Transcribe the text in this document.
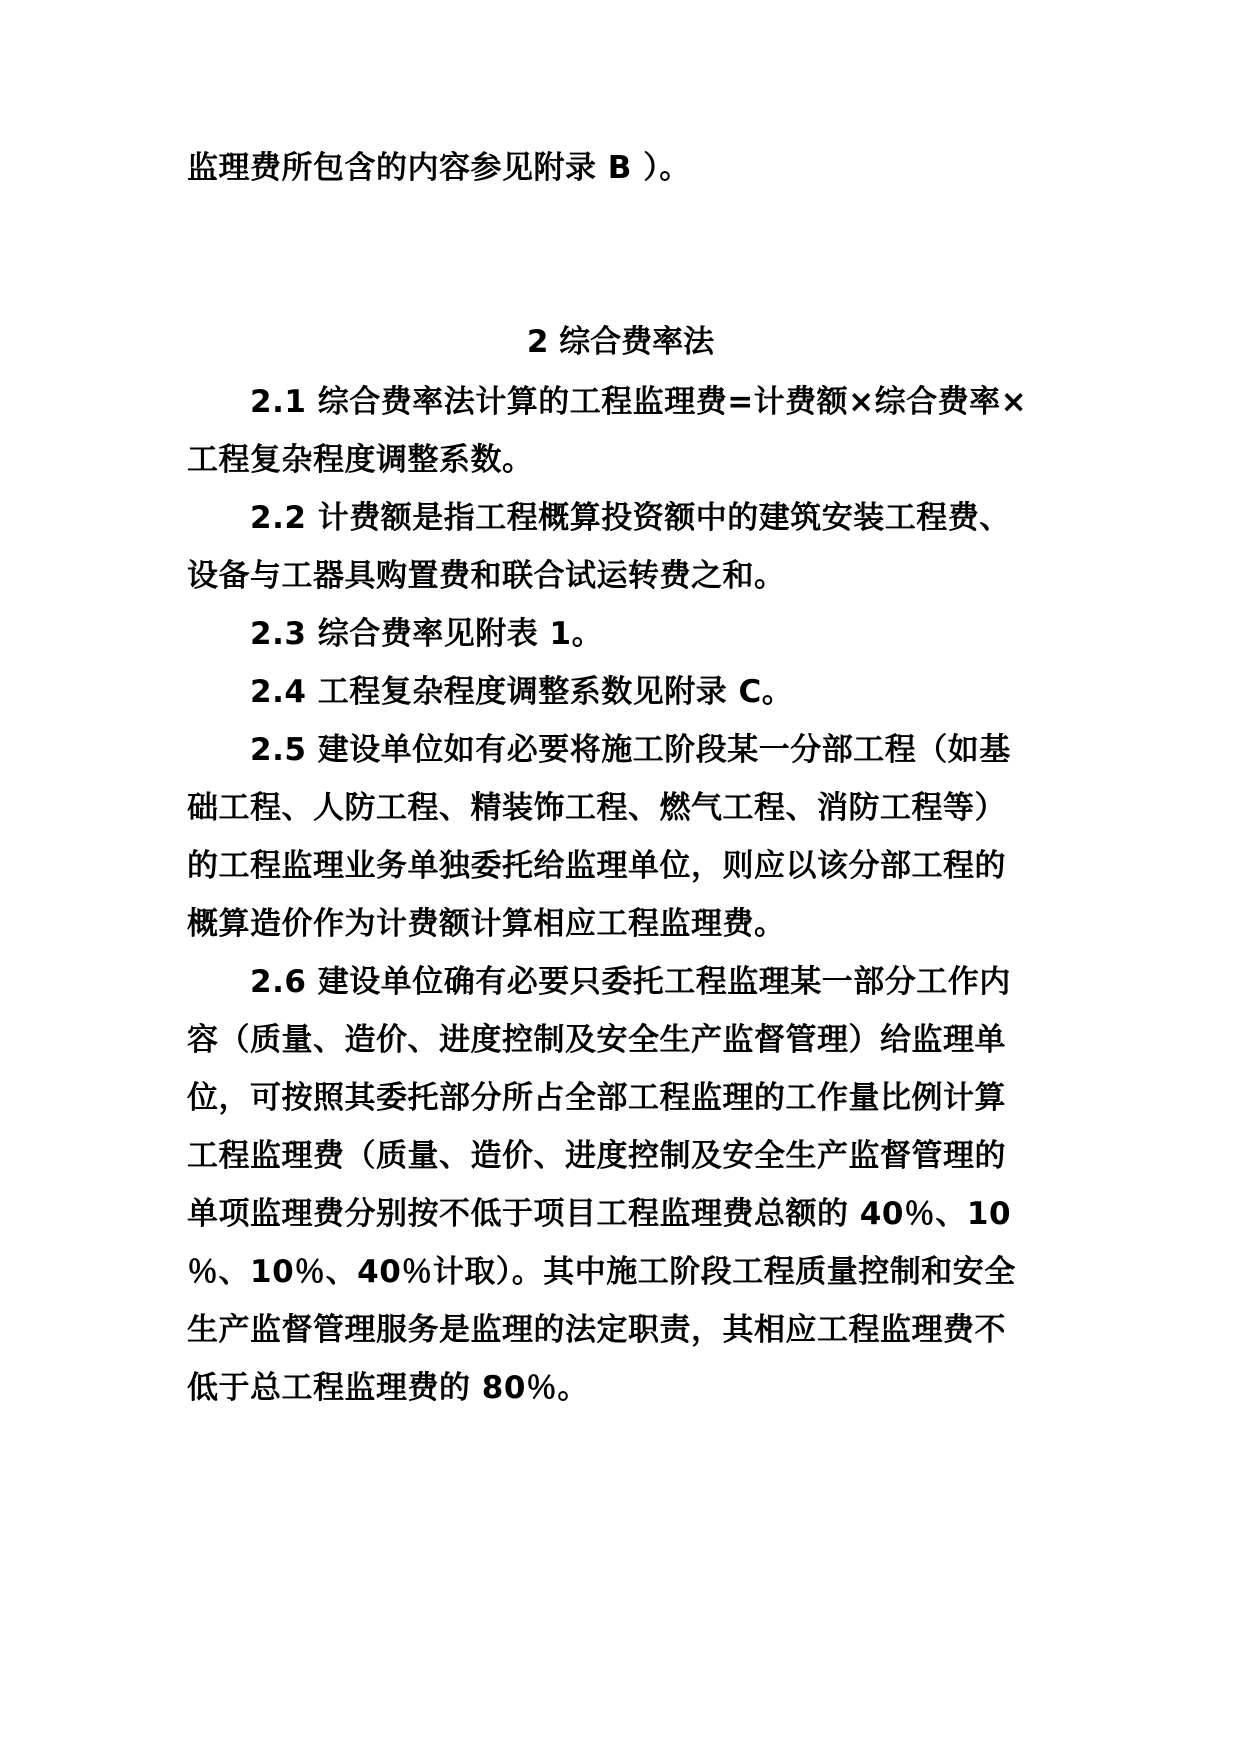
监理费所包含的内容参见附录 B ）。
2 综合费率法
2.1 综合费率法计算的工程监理费=计费额×综合费率×
工程复杂程度调整系数。
2.2 计费额是指工程概算投资额中的建筑安装工程费、
设备与工器具购置费和联合试运转费之和。
2.3 综合费率见附表 1。
2.4 工程复杂程度调整系数见附录 C。
2.5 建设单位如有必要将施工阶段某一分部工程（如基
础工程、人防工程、精装饰工程、燃气工程、消防工程等）
的工程监理业务单独委托给监理单位，则应以该分部工程的
概算造价作为计费额计算相应工程监理费。
2.6 建设单位确有必要只委托工程监理某一部分工作内
容（质量、造价、进度控制及安全生产监督管理）给监理单
位，可按照其委托部分所占全部工程监理的工作量比例计算
工程监理费（质量、造价、进度控制及安全生产监督管理的
单项监理费分别按不低于项目工程监理费总额的 40％、10
％、10％、40％计取）。其中施工阶段工程质量控制和安全
生产监督管理服务是监理的法定职责，其相应工程监理费不
低于总工程监理费的 80％。
